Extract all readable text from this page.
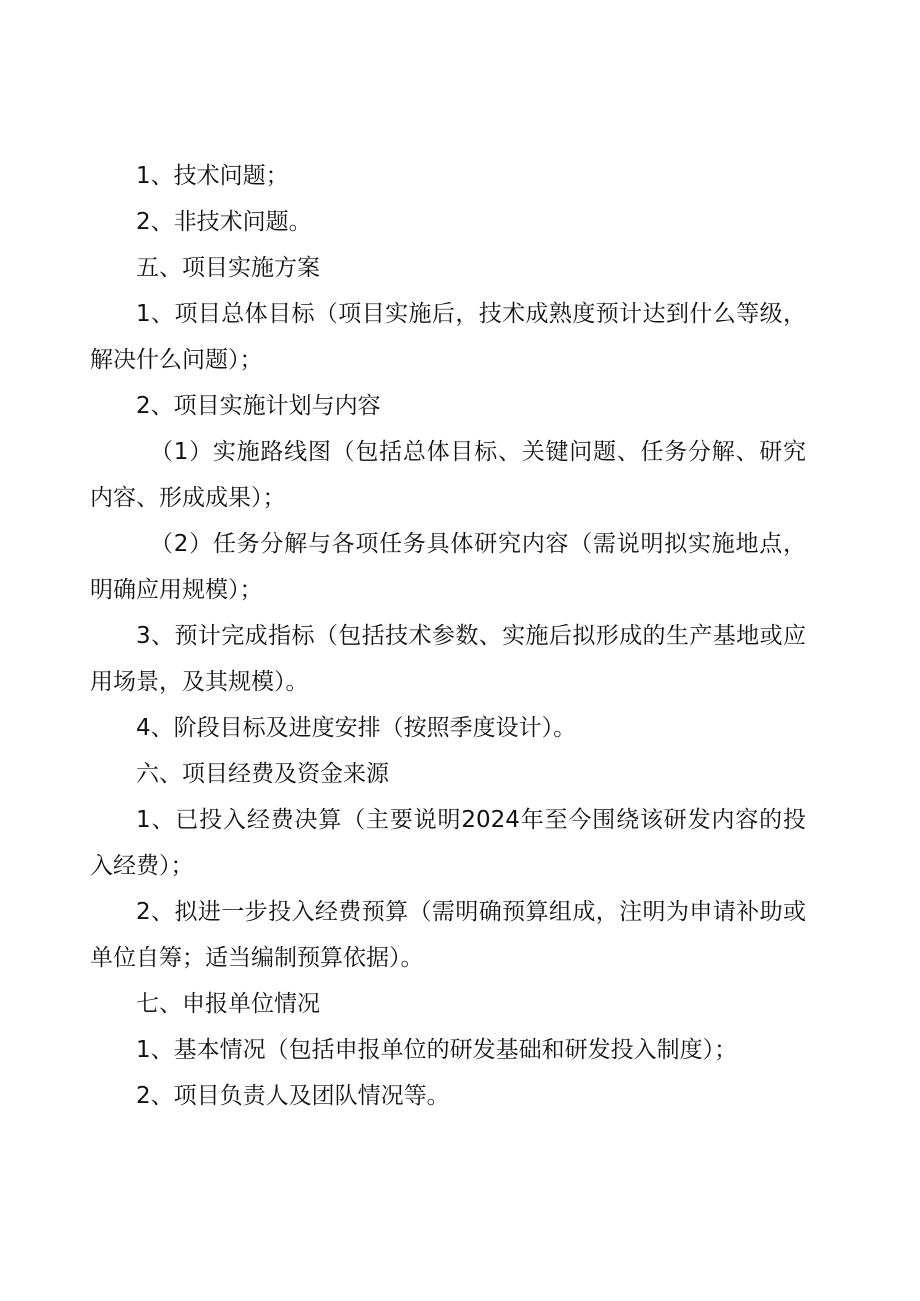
1、技术问题；

2、非技术问题。

五、项目实施方案

1、项目总体目标（项目实施后，技术成熟度预计达到什么等级，解决什么问题）；

2、项目实施计划与内容

（1）实施路线图（包括总体目标、关键问题、任务分解、研究内容、形成成果）；

（2）任务分解与各项任务具体研究内容（需说明拟实施地点，明确应用规模）；

3、预计完成指标（包括技术参数、实施后拟形成的生产基地或应用场景，及其规模）。

4、阶段目标及进度安排（按照季度设计）。

六、项目经费及资金来源

1、已投入经费决算（主要说明2024年至今围绕该研发内容的投入经费）；

2、拟进一步投入经费预算（需明确预算组成，注明为申请补助或单位自筹；适当编制预算依据）。

七、申报单位情况

1、基本情况（包括申报单位的研发基础和研发投入制度）；

2、项目负责人及团队情况等。
